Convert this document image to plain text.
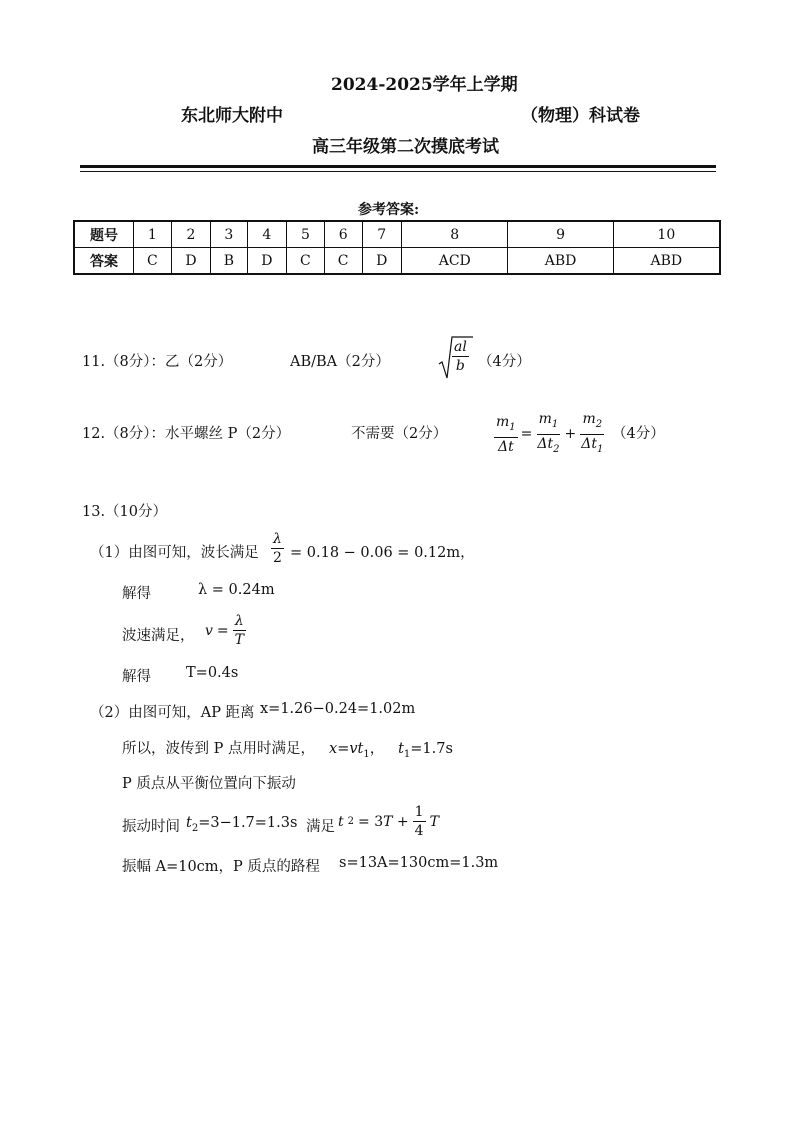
2024-2025学年上学期
东北师大附中	（物理）科试卷
高三年级第二次摸底考试
参考答案:
题号	1	2	3	4	5	6	7	8	9	10
答案	C	D	B	D	C	C	D	ACD	ABD	ABD
11.（8分）：乙（2分）	AB/BA（2分）	$\frac{al}{b} (4$分）
12.（8分）：水平螺丝 P（2分）	不需要（2分）	$\frac{m_1}{\Delta t} = \frac{m_1}{\Delta t_2} + \frac{m_2}{\Delta t_1} (4$分）
13.（10分）
（1）由图可知，波长满足 $\frac{\lambda}{2} = 0.18 - 0.06 = 0.12m$，
解得	λ = 0.24m
波速满足， $v = \frac{\lambda}{T}$
解得 T=0.4s
（2）由图可知，AP 距离 x=1.26−0.24=1.02m
所以，波传到 P 点用时满足， $x=vt_1$，   $t_1=1.7s$
P 质点从平衡位置向下振动
振动时间 $t_2=3-1.7=1.3s$ 满足 t $2 = 3T + \frac{1}{4}$ T
振幅 A=10cm，P 质点的路程 s=13A=130cm=1.3m
